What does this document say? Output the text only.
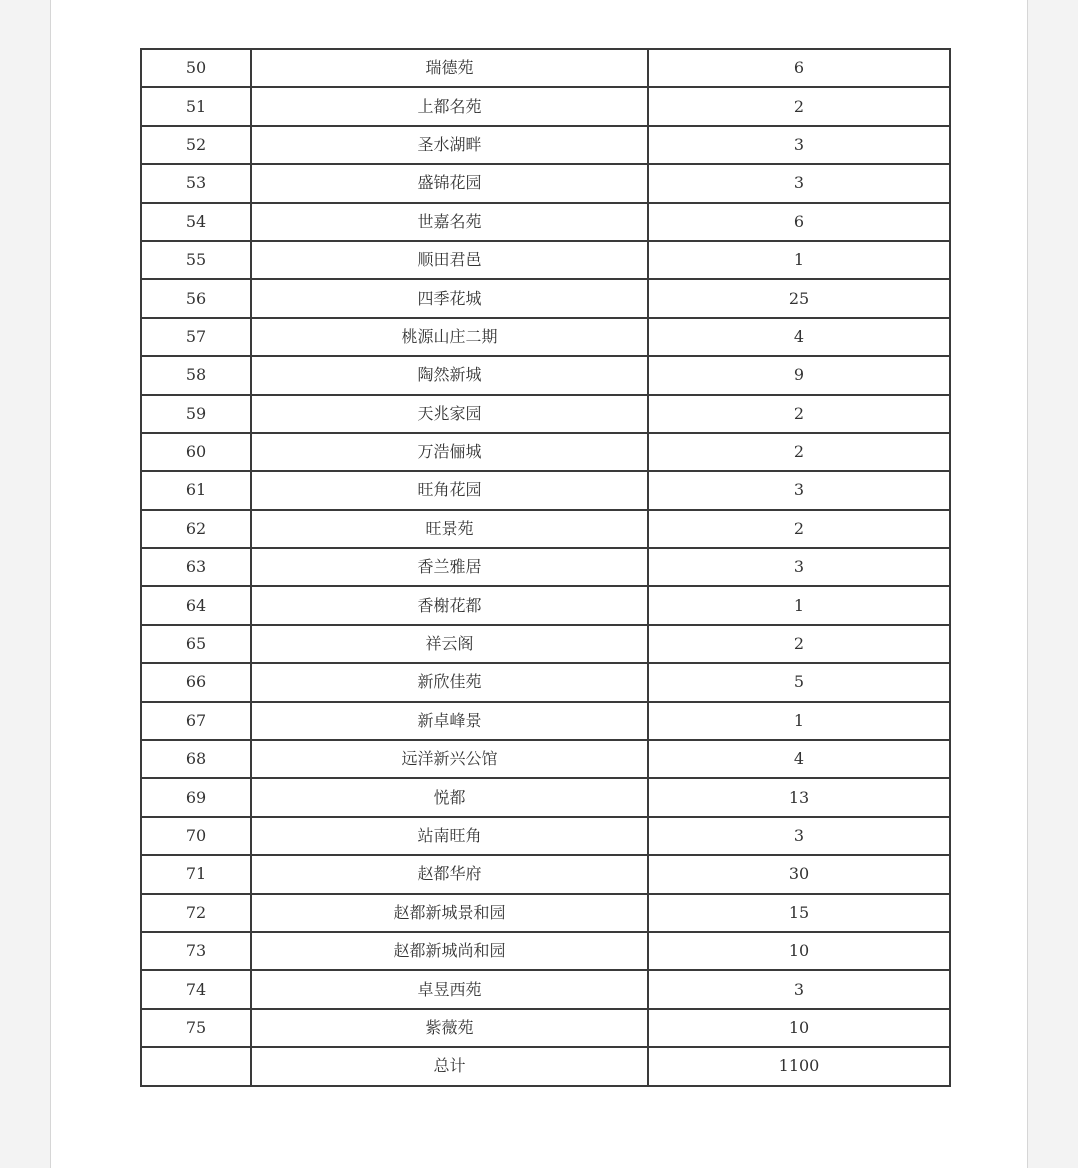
50	瑞德苑	6
51	上都名苑	2
52	圣水湖畔	3
53	盛锦花园	3
54	世嘉名苑	6
55	顺田君邑	1
56	四季花城	25
57	桃源山庄二期	4
58	陶然新城	9
59	天兆家园	2
60	万浩俪城	2
61	旺角花园	3
62	旺景苑	2
63	香兰雅居	3
64	香榭花都	1
65	祥云阁	2
66	新欣佳苑	5
67	新卓峰景	1
68	远洋新兴公馆	4
69	悦都	13
70	站南旺角	3
71	赵都华府	30
72	赵都新城景和园	15
73	赵都新城尚和园	10
74	卓昱西苑	3
75	紫薇苑	10
	总计	1100
